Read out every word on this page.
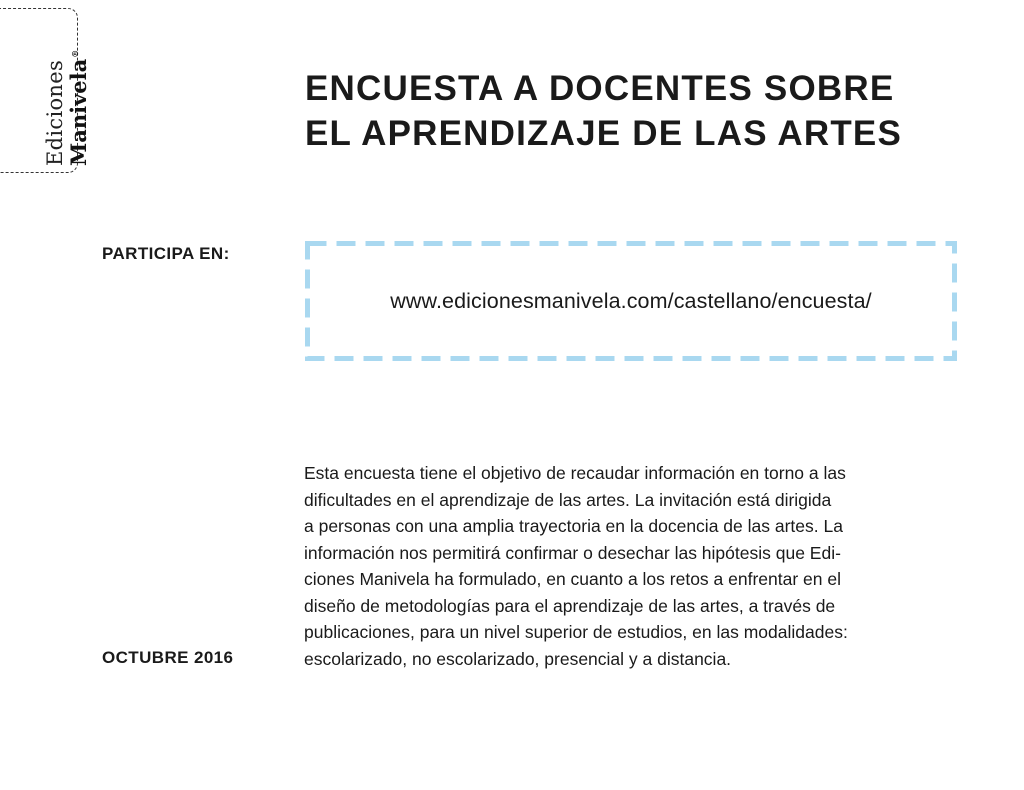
Ediciones Manivela®
ENCUESTA A DOCENTES SOBRE
EL APRENDIZAJE DE LAS ARTES
PARTICIPA EN:
www.edicionesmanivela.com/castellano/encuesta/

Esta encuesta tiene el objetivo de recaudar información en torno a las
dificultades en el aprendizaje de las artes. La invitación está dirigida
a personas con una amplia trayectoria en la docencia de las artes. La
información nos permitirá confirmar o desechar las hipótesis que Edi-
ciones Manivela ha formulado, en cuanto a los retos a enfrentar en el
diseño de metodologías para el aprendizaje de las artes, a través de
publicaciones, para un nivel superior de estudios, en las modalidades:
escolarizado, no escolarizado, presencial y a distancia.

OCTUBRE 2016
